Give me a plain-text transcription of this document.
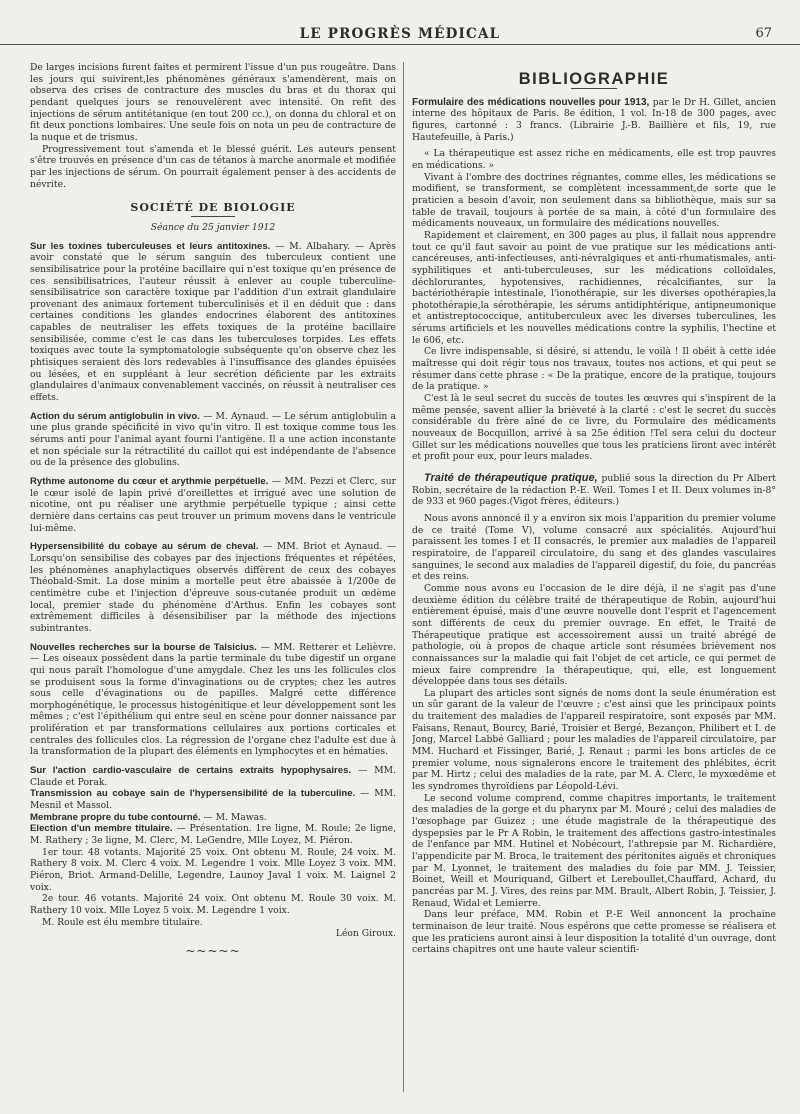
LE PROGRÈS MÉDICAL	67

De larges incisions furent faites et permirent l'issue d'un pus rougeâtre. Dans les jours qui suivirent,les phénomènes généraux s'amendèrent, mais on observa des crises de contracture des muscles du bras et du thorax qui pendant quelques jours se renouvelèrent avec intensité. On refit des injections de sérum antitétanique (en tout 200 cc.), on donna du chloral et on fit deux ponctions lombaires. Une seule fois on nota un peu de contracture de la nuque et de trismus.

Progressivement tout s'amenda et le blessé guérit. Les auteurs pensent s'être trouvés en présence d'un cas de tétanos à marche anormale et modifiée par les injections de sérum. On pourrait également penser à des accidents de névrite.

SOCIÉTÉ DE BIOLOGIE
Séance du 25 janvier 1912

Sur les toxines tuberculeuses et leurs antitoxines. — M. Albahary. — Après avoir constaté que le sérum sanguin des tuberculeux contient une sensibilisatrice pour la protéine bacillaire qui n'est toxique qu'en présence de ces sensibilisatrices, l'auteur réussit à enlever au couple tuberculine-sensibilisatrice son caractère toxique par l'addition d'un extrait glandulaire provenant des animaux fortement tuberculinisés et il en déduit que : dans certaines conditions les glandes endocrines élaborent des antitoxines capables de neutraliser les effets toxiques de la protéine bacillaire sensibilisée, comme c'est le cas dans les tuberculoses torpides. Les effets toxiques avec toute la symptomatologie subséquente qu'on observe chez les phtisiques seraient dès lors redevables à l'insuffisance des glandes épuisées ou lésées, et en suppléant à leur secrétion déficiente par les extraits glandulaires d'animaux convenablement vaccinés, on réussit à neutraliser ces effets.

Action du sérum antiglobulin in vivo. — M. Aynaud. — Le sérum antiglobulin a une plus grande spécificité in vivo qu'in vitro. Il est toxique comme tous les sérums anti pour l'animal ayant fourni l'antigène. Il a une action inconstante et non spéciale sur la rétractilité du caillot qui est indépendante de l'absence ou de la présence des globulins.

Rythme autonome du cœur et arythmie perpétuelle. — MM. Pezzi et Clerc, sur le cœur isolé de lapin privé d'oreillettes et irrigué avec une solution de nicotine, ont pu réaliser une arythmie perpétuelle typique ; ainsi cette dernière dans certains cas peut trouver un primum movens dans le ventricule lui-même.

Hypersensibilité du cobaye au sérum de cheval. — MM. Briot et Aynaud. — Lorsqu'on sensibilise des cobayes par des injections fréquentes et répétées, les phénomènes anaphylactiques observés diffèrent de ceux des cobayes Théobald-Smit. La dose minim a mortelle peut être abaissée à 1/200e de centimètre cube et l'injection d'épreuve sous-cutanée produit un œdème local, premier stade du phénomène d'Arthus. Enfin les cobayes sont extrêmement difficiles à désensibiliser par la méthode des injections subintrantes.

Nouvelles recherches sur la bourse de Talsicius. — MM. Retterer et Lelièvre. — Les oiseaux possèdent dans la partie terminale du tube digestif un organe qui nous paraît l'homologue d'une amygdale. Chez les uns les follicules clos se produisent sous la forme d'invaginations ou de cryptes; chez les autres sous celle d'évaginations ou de papilles. Malgré cette différence morphogénétique, le processus histogénitique et leur développement sont les mêmes ; c'est l'épithélium qui entre seul en scène pour donner naissance par prolifération et par transformations cellulaires aux portions corticales et centrales des follicules clos. La régression de l'organe chez l'adulte est due à la transformation de la plupart des éléments en lymphocytes et en hématies.

Sur l'action cardio-vasculaire de certains extraits hypophysaires. — MM. Claude et Porak.

Transmission au cobaye sain de l'hypersensibilité de la tuberculine. — MM. Mesnil et Massol.

Membrane propre du tube contourné. — M. Mawas.

Election d'un membre titulaire. — Présentation. 1re ligne, M. Roule; 2e ligne, M. Rathery ; 3e ligne, M. Clerc, M. LeGendre, Mlle Loyez, M. Piéron.

1er tour. 48 votants. Majorité 25 voix. Ont obtenu M. Roule, 24 voix. M. Rathery 8 voix. M. Clerc 4 voix. M. Legendre 1 voix. Mlle Loyez 3 voix. MM. Piéron, Briot. Armand-Delille, Legendre, Launoy Javal 1 voix. M. Laignel 2 voix.

2e tour. 46 votants. Majorité 24 voix. Ont obtenu M. Roule 30 voix. M. Rathery 10 voix. Mlle Loyez 5 voix. M. Legendre 1 voix.

M. Roule est élu membre titulaire.

Léon Giroux.
~~~~~
BIBLIOGRAPHIE

Formulaire des médications nouvelles pour 1913, par le Dr H. Gillet, ancien interne des hôpitaux de Paris. 8e édition, 1 vol. In-18 de 300 pages, avec figures, cartonné : 3 francs. (Librairie J.-B. Baillière et fils, 19, rue Hautefeuille, à Paris.)

« La thérapeutique est assez riche en médicaments, elle est trop pauvres en médications. »

Vivant à l'ombre des doctrines régnantes, comme elles, les médications se modifient, se transforment, se complètent incessamment,de sorte que le praticien a besoin d'avoir, non seulement dans sa bibliothèque, mais sur sa table de travail, toujours à portée de sa main, à côté d'un formulaire des médicaments nouveaux, un formulaire des médications nouvelles.

Rapidement et clairement, en 300 pages au plus, il fallait nous apprendre tout ce qu'il faut savoir au point de vue pratique sur les médications anti-cancéreuses, anti-infectieuses, anti-névralgiques et anti-rhumatismales, anti-syphilitiques et anti-tuberculeuses, sur les médications colloïdales, déchlorurantes, hypotensives, rachidiennes, récalcifiantes, sur la bactériothérapie intestinale, l'ionothérapie, sur les diverses opothérapies,la photothérapie,la sérothérapie, les sérums antidiphtérique, antipneumonique et antistreptococcique, antituberculeux avec les diverses tuberculines, les sérums artificiels et les nouvelles médications contre la syphilis, l'hectine et le 606, etc.

Ce livre indispensable, si désiré, si attendu, le voilà ! Il obéit à cette idée maîtresse qui doit régir tous nos travaux, toutes nos actions, et qui peut se résumer dans cette phrase : « De la pratique, encore de la pratique, toujours de la pratique. »

C'est là le seul secret du succès de toutes les œuvres qui s'inspirent de la même pensée, savent allier la brièveté à la clarté : c'est le secret du succès considérable du frère aîné de ce livre, du Formulaire des médicaments nouveaux de Bocquillon, arrivé à sa 25e édition !Tel sera celui du docteur Gillet sur les médications nouvelles que tous les praticiens liront avec intérêt et profit pour eux, pour leurs malades.

Traité de thérapeutique pratique, publié sous la direction du Pr Albert Robin, secrétaire de la rédaction P.-E. Weil. Tomes I et II. Deux volumes in-8° de 933 et 960 pages.(Vigot frères, éditeurs.)

Nous avons annoncé il y a environ six mois l'apparition du premier volume de ce traité (Tome V), volume consacré aux spécialités. Aujourd'hui paraissent les tomes I et II consacrés, le premier aux maladies de l'appareil respiratoire, de l'appareil circulatoire, du sang et des glandes vasculaires sanguines, le second aux maladies de l'appareil digestif, du foie, du pancréas et des reins.

Comme nous avons eu l'occasion de le dire déjà, il ne s'agit pas d'une deuxième édition du célèbre traité de thérapeutique de Robin, aujourd'hui entièrement épuisé, mais d'une œuvre nouvelle dont l'esprit et l'agencement sont différents de ceux du premier ouvrage. En effet, le Traité de Thérapeutique pratique est accessoirement aussi un traité abrégé de pathologie, où à propos de chaque article sont résumées brièvement nos connaissances sur la maladie qui fait l'objet de cet article, ce qui permet de mieux faire comprendre la thérapeutique, qui, elle, est longuement développée dans tous ses détails.

La plupart des articles sont signés de noms dont la seule énumération est un sûr garant de la valeur de l'œuvre ; c'est ainsi que les principaux points du traitement des maladies de l'appareil respiratoire, sont exposés par MM. Faisans, Renaut, Bourcy, Barié, Troisier et Bergé, Bezançon, Philibert et I. de Jong, Marcel Labbé Galliard ; pour les maladies de l'appareil circulatoire, par MM. Huchard et Fissinger, Barié, J. Renaut ; parmi les bons articles de ce premier volume, nous signalerons encore le traitement des phlébites, écrit par M. Hirtz ; celui des maladies de la rate, par M. A. Clerc, le myxœdème et les syndromes thyroïdiens par Léopold-Lévi.

Le second volume comprend, comme chapitres importants, le traitement des maladies de la gorge et du pharynx par M. Mouré ; celui des maladies de l'œsophage par Guizez ; une étude magistrale de la thérapeutique des dyspepsies par le Pr A Robin, le traitement des affections gastro-intestinales de l'enfance par MM. Hutinel et Nobécourt, l'athrepsie par M. Richardière, l'appendicite par M. Broca, le traitement des péritonites aiguës et chroniques par M. Lyonnet, le traitement des maladies du foie par MM. J. Teissier, Boinet, Weill et Mouriquand, Gilbert et Lereboullet,Chauffard, Achard, du pancréas par M. J. Vires, des reins par MM. Brault, Albert Robin, J. Teissier, J. Renaud, Widal et Lemierre.

Dans leur préface, MM. Robin et P.-E Weil annoncent la prochaine terminaison de leur traité. Nous espérons que cette promesse se réalisera et que les praticiens auront ainsi à leur disposition la totalité d'un ouvrage, dont certains chapitres ont une haute valeur scientifi-
